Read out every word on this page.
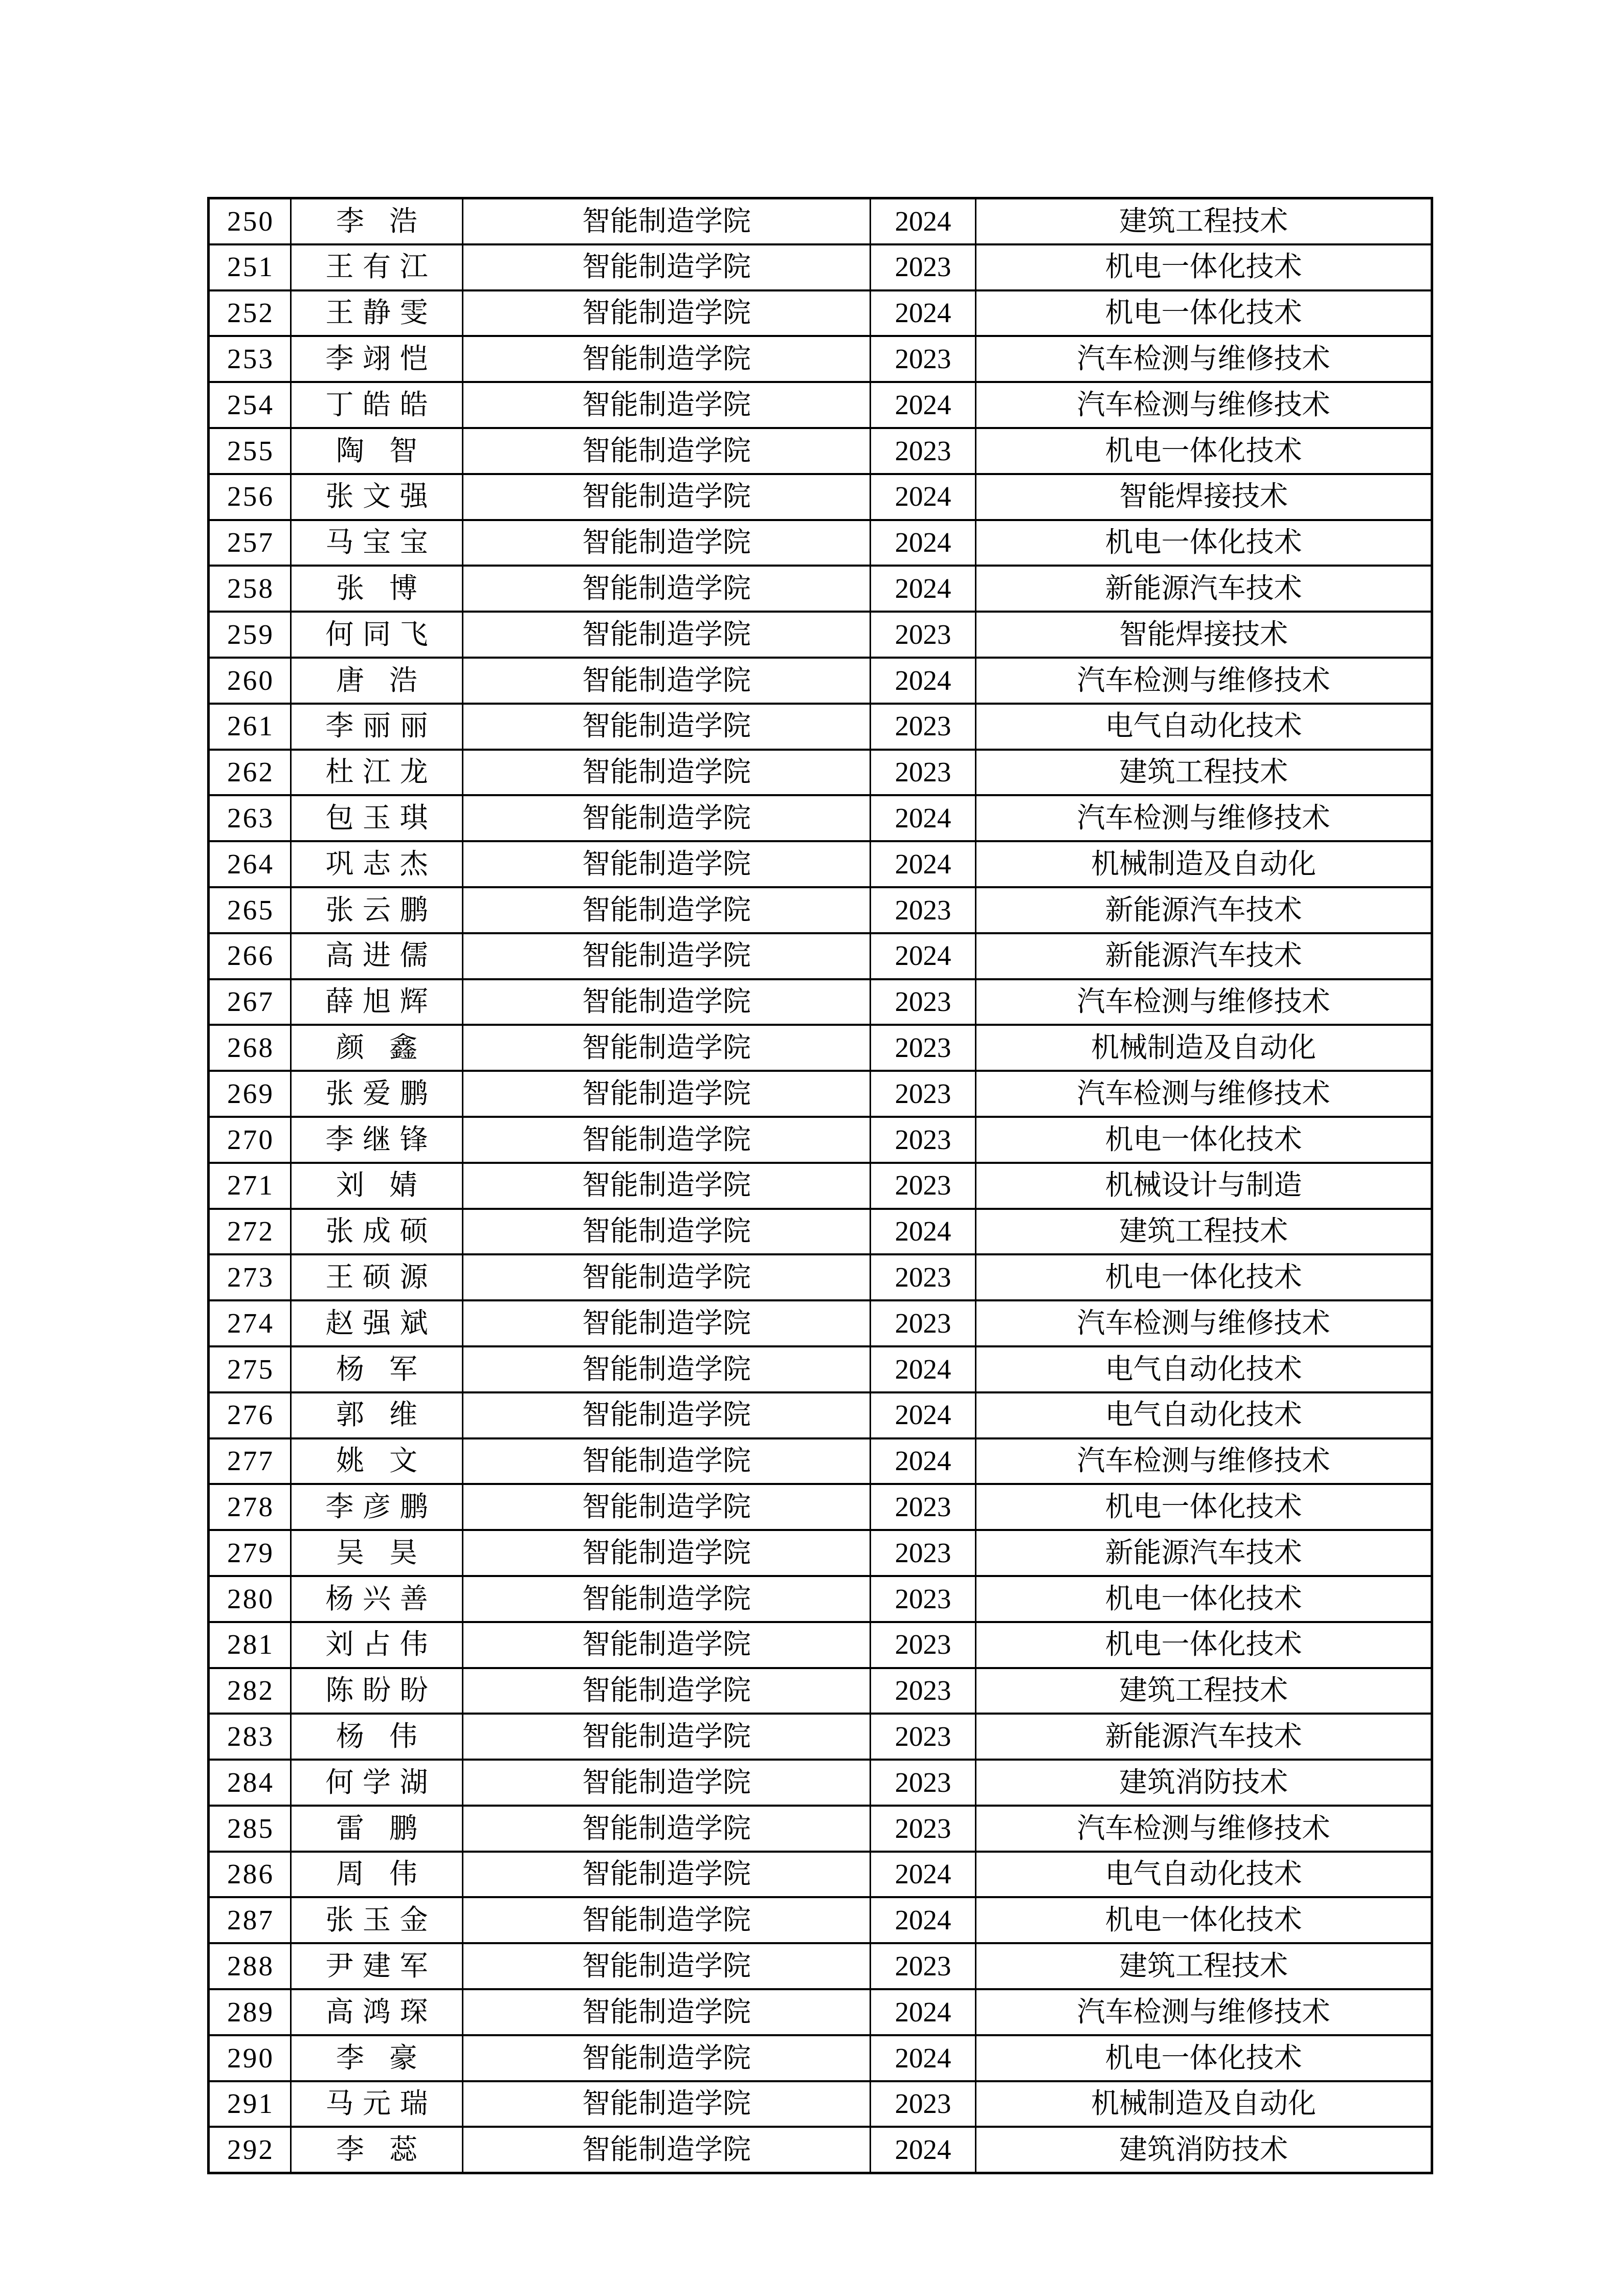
250	李 浩	智能制造学院	2024	建筑工程技术
251	王有江	智能制造学院	2023	机电一体化技术
252	王静雯	智能制造学院	2024	机电一体化技术
253	李翊恺	智能制造学院	2023	汽车检测与维修技术
254	丁皓皓	智能制造学院	2024	汽车检测与维修技术
255	陶 智	智能制造学院	2023	机电一体化技术
256	张文强	智能制造学院	2024	智能焊接技术
257	马宝宝	智能制造学院	2024	机电一体化技术
258	张 博	智能制造学院	2024	新能源汽车技术
259	何同飞	智能制造学院	2023	智能焊接技术
260	唐 浩	智能制造学院	2024	汽车检测与维修技术
261	李丽丽	智能制造学院	2023	电气自动化技术
262	杜江龙	智能制造学院	2023	建筑工程技术
263	包玉琪	智能制造学院	2024	汽车检测与维修技术
264	巩志杰	智能制造学院	2024	机械制造及自动化
265	张云鹏	智能制造学院	2023	新能源汽车技术
266	高进儒	智能制造学院	2024	新能源汽车技术
267	薛旭辉	智能制造学院	2023	汽车检测与维修技术
268	颜 鑫	智能制造学院	2023	机械制造及自动化
269	张爱鹏	智能制造学院	2023	汽车检测与维修技术
270	李继锋	智能制造学院	2023	机电一体化技术
271	刘 婧	智能制造学院	2023	机械设计与制造
272	张成硕	智能制造学院	2024	建筑工程技术
273	王硕源	智能制造学院	2023	机电一体化技术
274	赵强斌	智能制造学院	2023	汽车检测与维修技术
275	杨 军	智能制造学院	2024	电气自动化技术
276	郭 维	智能制造学院	2024	电气自动化技术
277	姚 文	智能制造学院	2024	汽车检测与维修技术
278	李彦鹏	智能制造学院	2023	机电一体化技术
279	吴 昊	智能制造学院	2023	新能源汽车技术
280	杨兴善	智能制造学院	2023	机电一体化技术
281	刘占伟	智能制造学院	2023	机电一体化技术
282	陈盼盼	智能制造学院	2023	建筑工程技术
283	杨 伟	智能制造学院	2023	新能源汽车技术
284	何学湖	智能制造学院	2023	建筑消防技术
285	雷 鹏	智能制造学院	2023	汽车检测与维修技术
286	周 伟	智能制造学院	2024	电气自动化技术
287	张玉金	智能制造学院	2024	机电一体化技术
288	尹建军	智能制造学院	2023	建筑工程技术
289	高鸿琛	智能制造学院	2024	汽车检测与维修技术
290	李 豪	智能制造学院	2024	机电一体化技术
291	马元瑞	智能制造学院	2023	机械制造及自动化
292	李 蕊	智能制造学院	2024	建筑消防技术
